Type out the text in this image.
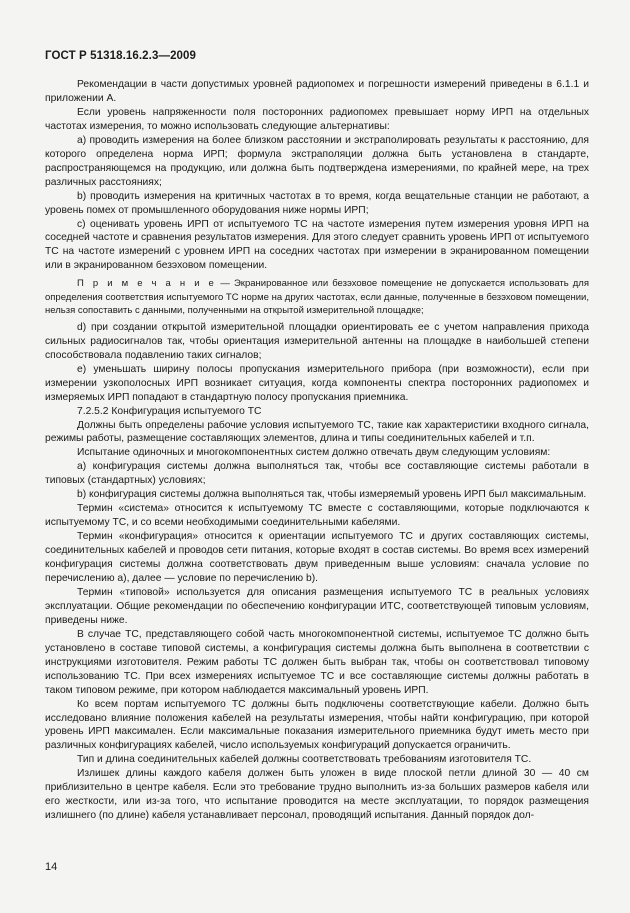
ГОСТ Р 51318.16.2.3—2009

Рекомендации в части допустимых уровней радиопомех и погрешности измерений приведены в 6.1.1 и приложении А.

Если уровень напряженности поля посторонних радиопомех превышает норму ИРП на отдельных частотах измерения, то можно использовать следующие альтернативы:

а) проводить измерения на более близком расстоянии и экстраполировать результаты к расстоянию, для которого определена норма ИРП; формула экстраполяции должна быть установлена в стандарте, распространяющемся на продукцию, или должна быть подтверждена измерениями, по крайней мере, на трех различных расстояниях;

b) проводить измерения на критичных частотах в то время, когда вещательные станции не работают, а уровень помех от промышленного оборудования ниже нормы ИРП;

с) оценивать уровень ИРП от испытуемого ТС на частоте измерения путем измерения уровня ИРП на соседней частоте и сравнения результатов измерения. Для этого следует сравнить уровень ИРП от испытуемого ТС на частоте измерений с уровнем ИРП на соседних частотах при измерении в экранированном помещении или в экранированном безэховом помещении.

П р и м е ч а н и е — Экранированное или безэховое помещение не допускается использовать для определения соответствия испытуемого ТС норме на других частотах, если данные, полученные в безэховом помещении, нельзя сопоставить с данными, полученными на открытой измерительной площадке;

d) при создании открытой измерительной площадки ориентировать ее с учетом направления прихода сильных радиосигналов так, чтобы ориентация измерительной антенны на площадке в наибольшей степени способствовала подавлению таких сигналов;

е) уменьшать ширину полосы пропускания измерительного прибора (при возможности), если при измерении узкополосных ИРП возникает ситуация, когда компоненты спектра посторонних радиопомех и измеряемых ИРП попадают в стандартную полосу пропускания приемника.

7.2.5.2 Конфигурация испытуемого ТС

Должны быть определены рабочие условия испытуемого ТС, такие как характеристики входного сигнала, режимы работы, размещение составляющих элементов, длина и типы соединительных кабелей и т.п.

Испытание одиночных и многокомпонентных систем должно отвечать двум следующим условиям:

а) конфигурация системы должна выполняться так, чтобы все составляющие системы работали в типовых (стандартных) условиях;

b) конфигурация системы должна выполняться так, чтобы измеряемый уровень ИРП был максимальным.

Термин «система» относится к испытуемому ТС вместе с составляющими, которые подключаются к испытуемому ТС, и со всеми необходимыми соединительными кабелями.

Термин «конфигурация» относится к ориентации испытуемого ТС и других составляющих системы, соединительных кабелей и проводов сети питания, которые входят в состав системы. Во время всех измерений конфигурация системы должна соответствовать двум приведенным выше условиям: сначала условие по перечислению а), далее — условие по перечислению b).

Термин «типовой» используется для описания размещения испытуемого ТС в реальных условиях эксплуатации. Общие рекомендации по обеспечению конфигурации ИТС, соответствующей типовым условиям, приведены ниже.

В случае ТС, представляющего собой часть многокомпонентной системы, испытуемое ТС должно быть установлено в составе типовой системы, а конфигурация системы должна быть выполнена в соответствии с инструкциями изготовителя. Режим работы ТС должен быть выбран так, чтобы он соответствовал типовому использованию ТС. При всех измерениях испытуемое ТС и все составляющие системы должны работать в таком типовом режиме, при котором наблюдается максимальный уровень ИРП.

Ко всем портам испытуемого ТС должны быть подключены соответствующие кабели. Должно быть исследовано влияние положения кабелей на результаты измерения, чтобы найти конфигурацию, при которой уровень ИРП максимален. Если максимальные показания измерительного приемника будут иметь место при различных конфигурациях кабелей, число используемых конфигураций допускается ограничить.

Тип и длина соединительных кабелей должны соответствовать требованиям изготовителя ТС.

Излишек длины каждого кабеля должен быть уложен в виде плоской петли длиной 30 — 40 см приблизительно в центре кабеля. Если это требование трудно выполнить из-за больших размеров кабеля или его жесткости, или из-за того, что испытание проводится на месте эксплуатации, то порядок размещения излишнего (по длине) кабеля устанавливает персонал, проводящий испытания. Данный порядок дол-

14
